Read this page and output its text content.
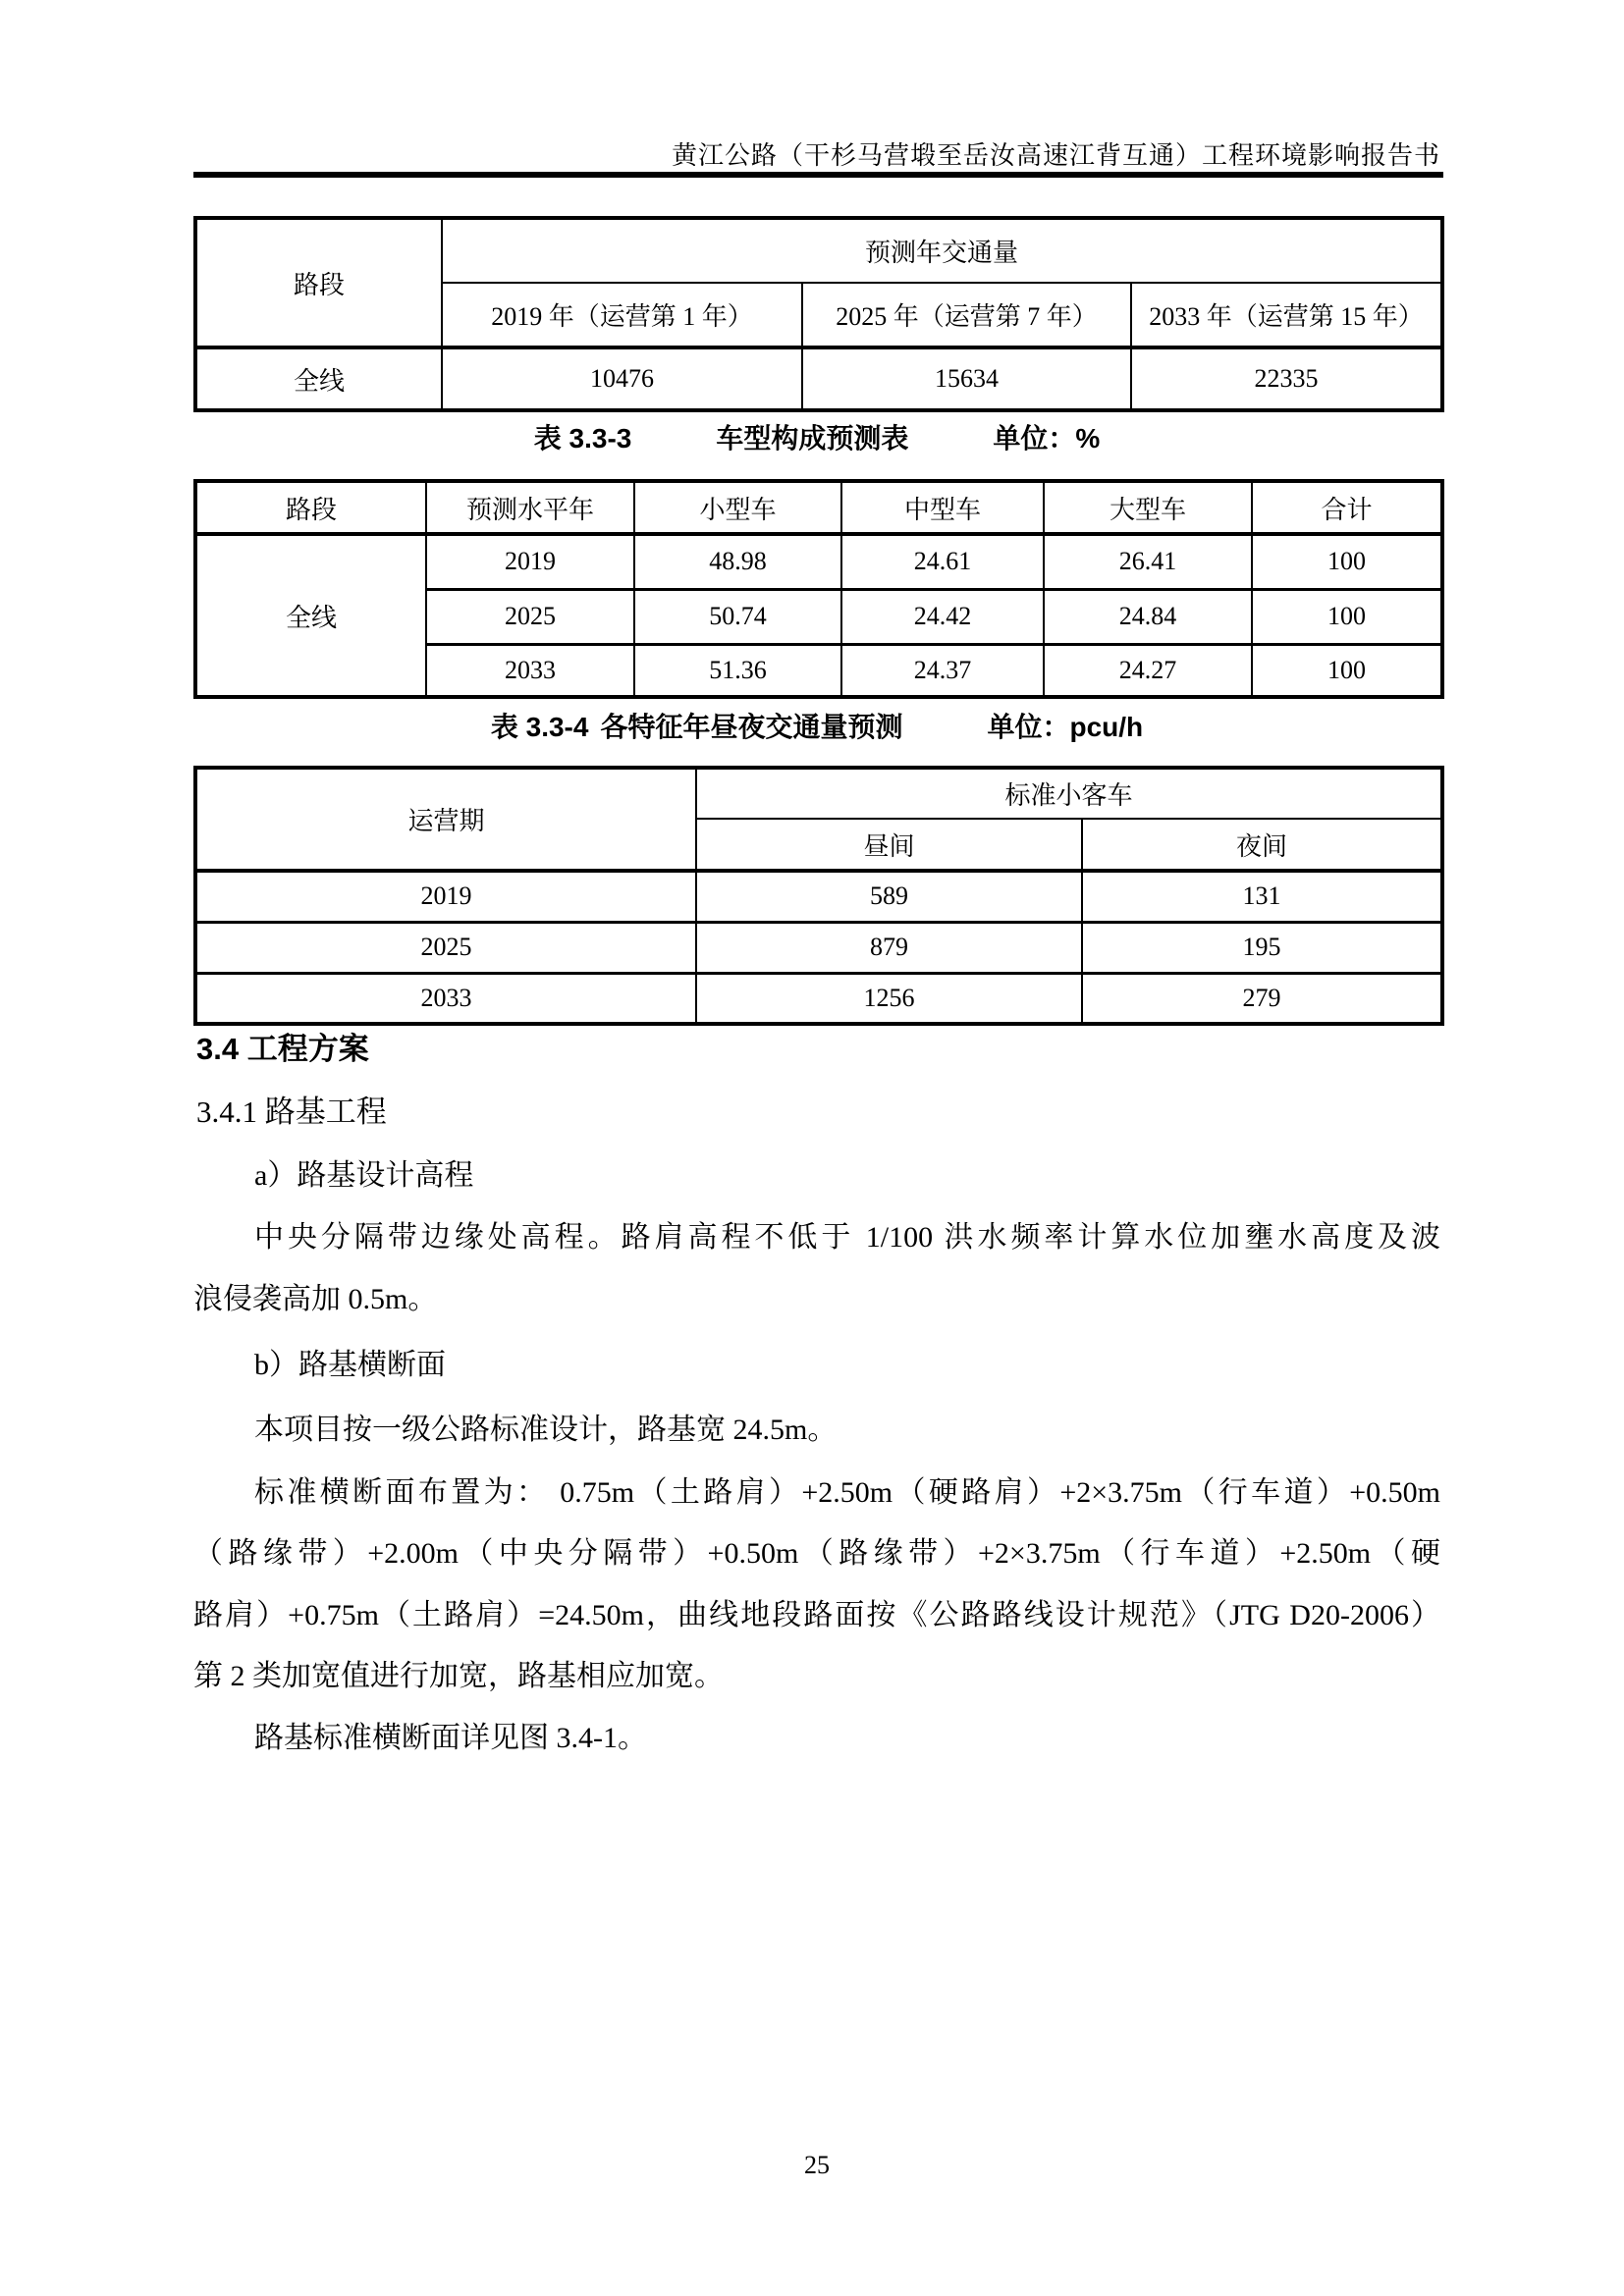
黄江公路（干杉马营塅至岳汝高速江背互通）工程环境影响报告书
路段	预测年交通量		
	2019 年（运营第 1 年）	2025 年（运营第 7 年）	2033 年（运营第 15 年）
全线	10476	15634	22335
表 3.3-3	车型构成预测表	单位：%
路段	预测水平年	小型车	中型车	大型车	合计
全线	2019	48.98	24.61	26.41	100
	2025	50.74	24.42	24.84	100
	2033	51.36	24.37	24.27	100
表 3.3-4 各特征年昼夜交通量预测	单位：pcu/h
运营期	标准小客车	
	昼间	夜间
2019	589	131
2025	879	195
2033	1256	279
3.4 工程方案
3.4.1 路基工程
a）路基设计高程
中央分隔带边缘处高程。路肩高程不低于 1/100 洪水频率计算水位加壅水高度及波
浪侵袭高加 0.5m。
b）路基横断面
本项目按一级公路标准设计，路基宽 24.5m。
标准横断面布置为： 0.75m（土路肩）+2.50m（硬路肩）+2×3.75m（行车道）+0.50m
（路缘带）+2.00m（中央分隔带）+0.50m（路缘带）+2×3.75m（行车道）+2.50m（硬
路肩）+0.75m（土路肩）=24.50m，曲线地段路面按《公路路线设计规范》（JTG D20-2006）
第 2 类加宽值进行加宽，路基相应加宽。
路基标准横断面详见图 3.4-1。
25
